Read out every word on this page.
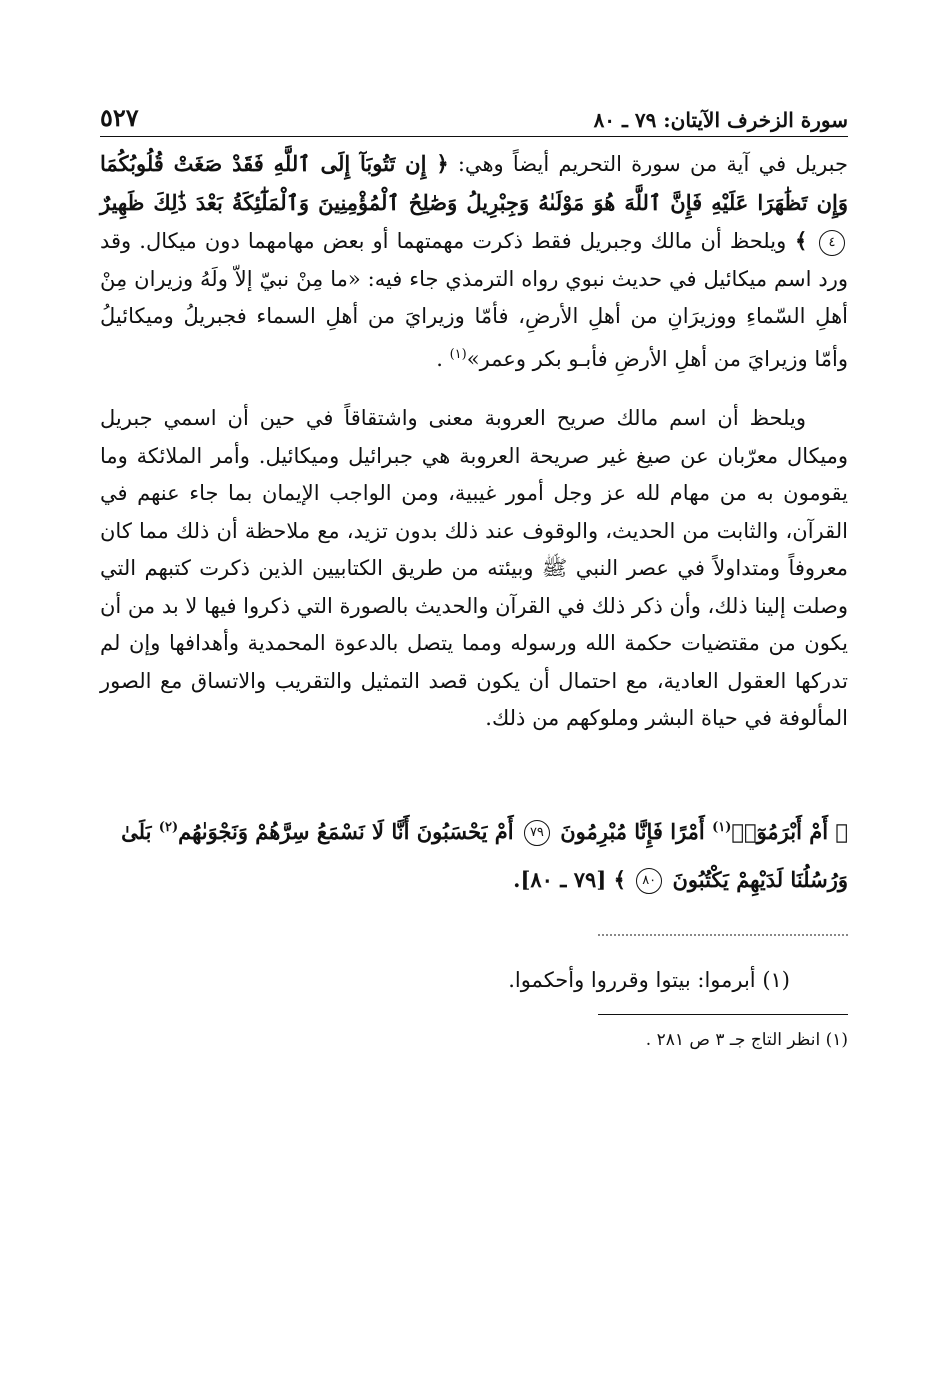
سورة الزخرف الآيتان: ٧٩ ـ ٨٠
٥٢٧

جبريل في آية من سورة التحريم أيضاً وهي: ﴿ إِن تَتُوبَآ إِلَى ٱللَّهِ فَقَدْ صَغَتْ قُلُوبُكُمَا وَإِن تَظَٰهَرَا عَلَيْهِ فَإِنَّ ٱللَّهَ هُوَ مَوْلَىٰهُ وَجِبْرِيلُ وَصَٰلِحُ ٱلْمُؤْمِنِينَ وَٱلْمَلَٰٓئِكَةُ بَعْدَ ذَٰلِكَ ظَهِيرٌ ٤ ﴾ ويلحظ أن مالك وجبريل فقط ذكرت مهمتهما أو بعض مهامهما دون ميكال. وقد ورد اسم ميكائيل في حديث نبوي رواه الترمذي جاء فيه: «ما مِنْ نبيّ إلاّ ولَهُ وزيران مِنْ أهلِ السّماءِ ووزيرَانِ من أهلِ الأرضِ، فأمّا وزيرايَ من أهلِ السماء فجبريلُ وميكائيلُ وأمّا وزيرايَ من أهلِ الأرضِ فأبـو بكر وعمر»$^{(١)}$ .

ويلحظ أن اسم مالك صريح العروبة معنى واشتقاقاً في حين أن اسمي جبريل وميكال معرّبان عن صيغ غير صريحة العروبة هي جبرائيل وميكائيل. وأمر الملائكة وما يقومون به من مهام لله عز وجل أمور غيبية، ومن الواجب الإيمان بما جاء عنهم في القرآن، والثابت من الحديث، والوقوف عند ذلك بدون تزيد، مع ملاحظة أن ذلك مما كان معروفاً ومتداولاً في عصر النبي ﷺ وبيئته من طريق الكتابيين الذين ذكرت كتبهم التي وصلت إلينا ذلك، وأن ذكر ذلك في القرآن والحديث بالصورة التي ذكروا فيها لا بد من أن يكون من مقتضيات حكمة الله ورسوله ومما يتصل بالدعوة المحمدية وأهدافها وإن لم تدركها العقول العادية، مع احتمال أن يكون قصد التمثيل والتقريب والاتساق مع الصور المألوفة في حياة البشر وملوكهم من ذلك.

﴿ أَمْ أَبْرَمُوٓا۟$^{(١)}$ أَمْرًا فَإِنَّا مُبْرِمُونَ ٧٩ أَمْ يَحْسَبُونَ أَنَّا لَا نَسْمَعُ سِرَّهُمْ وَنَجْوَىٰهُم$^{(٢)}$ بَلَىٰ وَرُسُلُنَا لَدَيْهِمْ يَكْتُبُونَ ٨٠ ﴾ [٧٩ ـ ٨٠].
(١) أبرموا: بيتوا وقرروا وأحكموا.
(١) انظر التاج جـ ٣ ص ٢٨١ .
